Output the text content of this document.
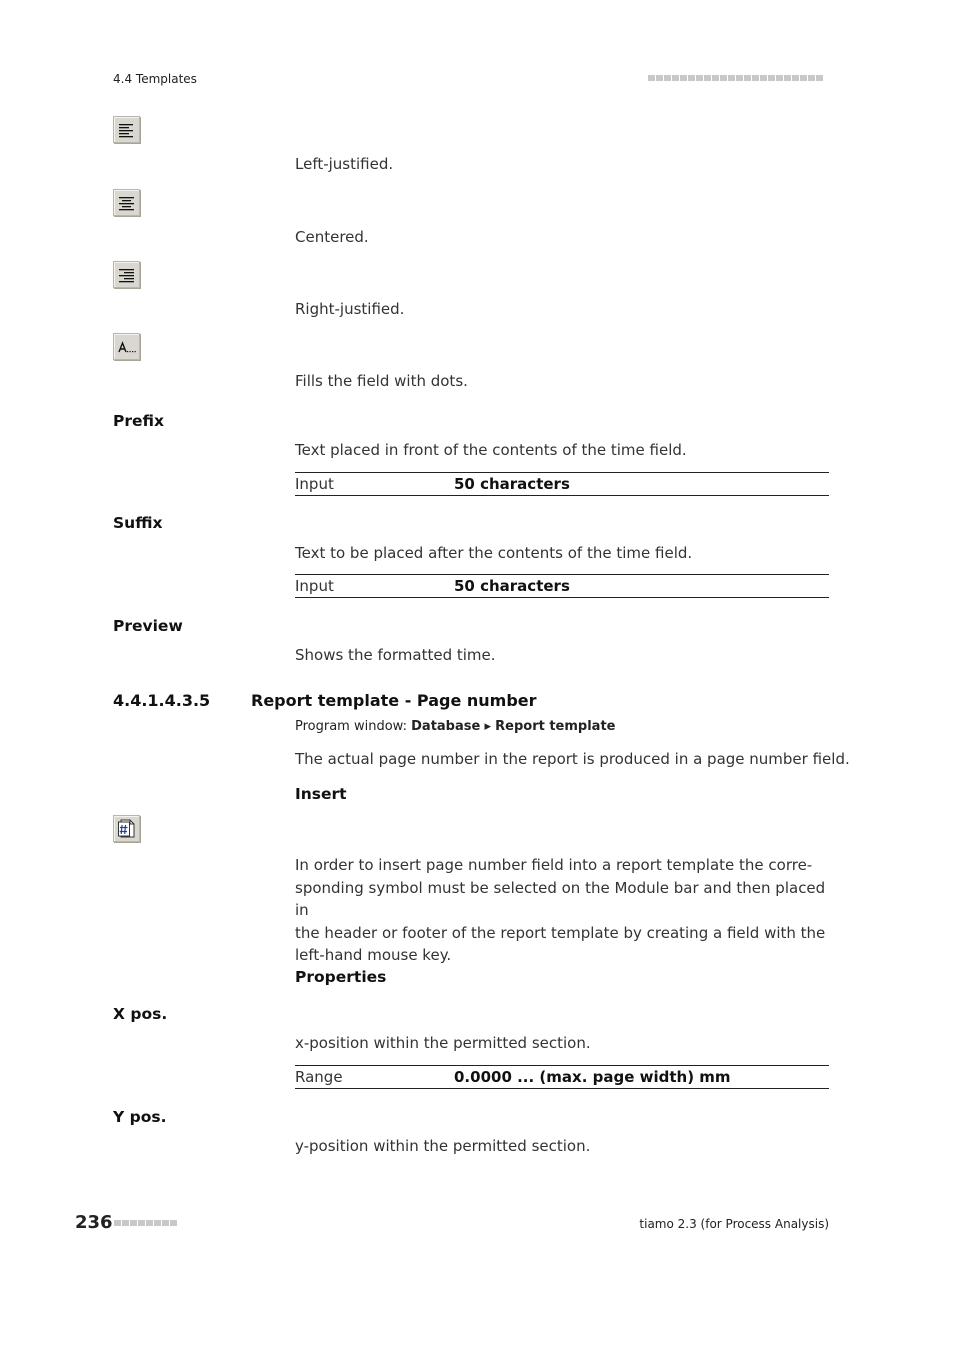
4.4 Templates
Left-justified.
Centered.
Right-justified.
Fills the field with dots.
Prefix
Text placed in front of the contents of the time field.
Input	50 characters
Suffix
Text to be placed after the contents of the time field.
Input	50 characters
Preview
Shows the formatted time.
4.4.1.4.3.5	Report template - Page number
Program window: Database ▸ Report template
The actual page number in the report is produced in a page number field.
Insert
In order to insert page number field into a report template the corre-
sponding symbol must be selected on the Module bar and then placed in
the header or footer of the report template by creating a field with the
left-hand mouse key.
Properties
X pos.
x-position within the permitted section.
Range	0.0000 ... (max. page width) mm
Y pos.
y-position within the permitted section.
236	tiamo 2.3 (for Process Analysis)
